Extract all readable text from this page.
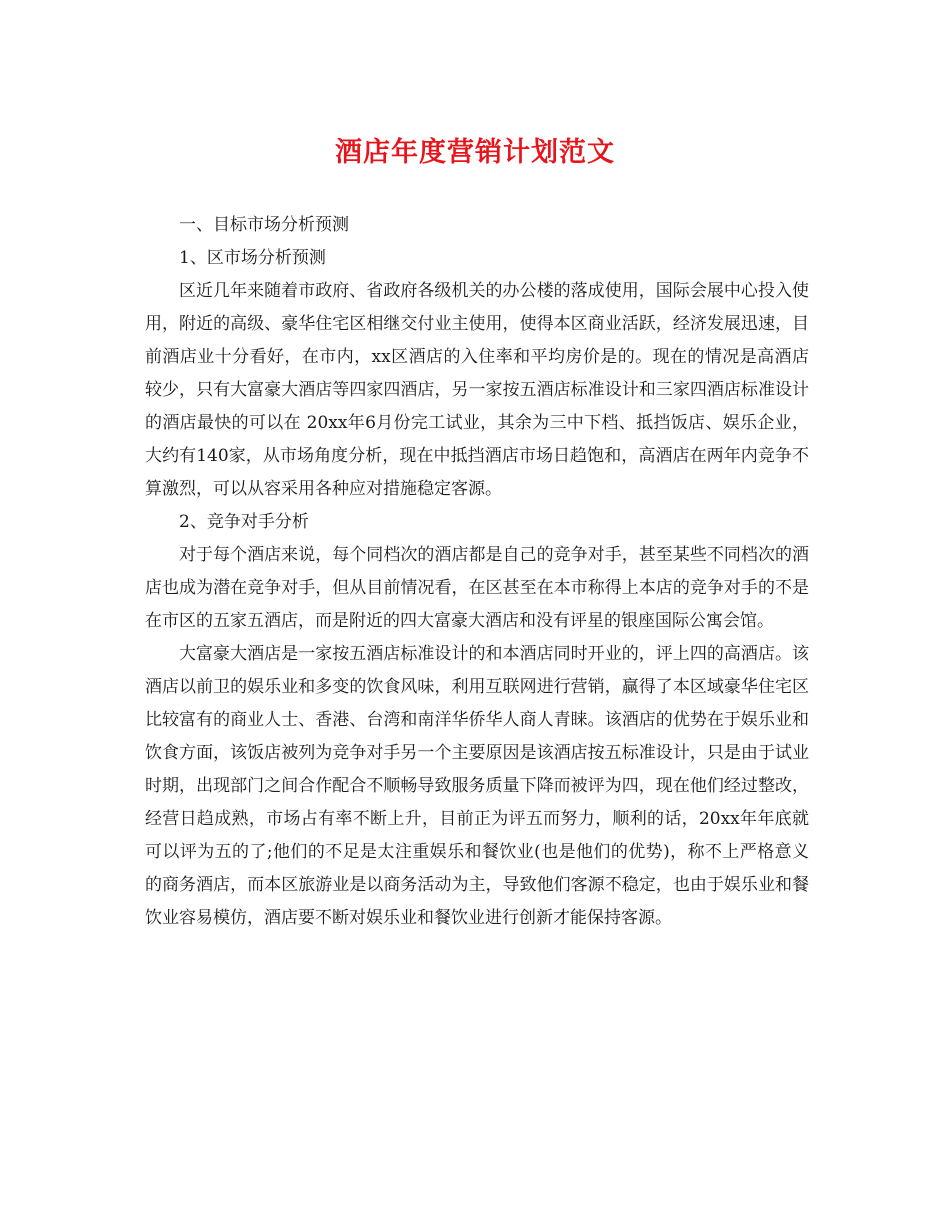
酒店年度营销计划范文

一、目标市场分析预测

1、区市场分析预测

区近几年来随着市政府、省政府各级机关的办公楼的落成使用，国际会展中心投入使用，附近的高级、豪华住宅区相继交付业主使用，使得本区商业活跃，经济发展迅速，目前酒店业十分看好，在市内，xx区酒店的入住率和平均房价是的。现在的情况是高酒店较少，只有大富豪大酒店等四家四酒店，另一家按五酒店标准设计和三家四酒店标准设计的酒店最快的可以在 20xx年6月份完工试业，其余为三中下档、抵挡饭店、娱乐企业，大约有140家，从市场角度分析，现在中抵挡酒店市场日趋饱和，高酒店在两年内竞争不算激烈，可以从容采用各种应对措施稳定客源。

2、竞争对手分析

对于每个酒店来说，每个同档次的酒店都是自己的竞争对手，甚至某些不同档次的酒店也成为潜在竞争对手，但从目前情况看，在区甚至在本市称得上本店的竞争对手的不是在市区的五家五酒店，而是附近的四大富豪大酒店和没有评星的银座国际公寓会馆。

大富豪大酒店是一家按五酒店标准设计的和本酒店同时开业的，评上四的高酒店。该酒店以前卫的娱乐业和多变的饮食风味，利用互联网进行营销，赢得了本区域豪华住宅区比较富有的商业人士、香港、台湾和南洋华侨华人商人青睐。该酒店的优势在于娱乐业和饮食方面，该饭店被列为竞争对手另一个主要原因是该酒店按五标准设计，只是由于试业时期，出现部门之间合作配合不顺畅导致服务质量下降而被评为四，现在他们经过整改，经营日趋成熟，市场占有率不断上升，目前正为评五而努力，顺利的话，20xx年年底就可以评为五的了;他们的不足是太注重娱乐和餐饮业(也是他们的优势)，称不上严格意义的商务酒店，而本区旅游业是以商务活动为主，导致他们客源不稳定，也由于娱乐业和餐饮业容易模仿，酒店要不断对娱乐业和餐饮业进行创新才能保持客源。
